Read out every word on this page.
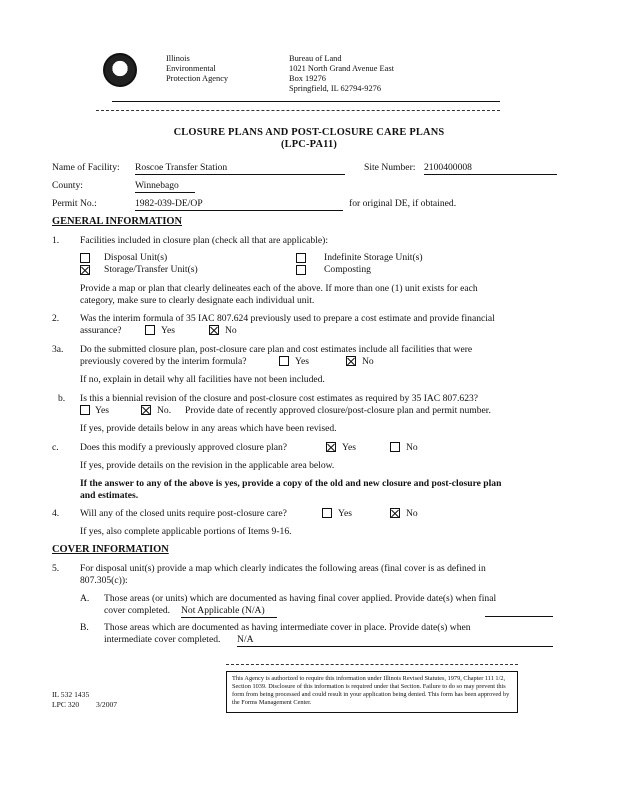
Illinois
Environmental
Protection Agency
Bureau of Land
1021 North Grand Avenue East
Box 19276
Springfield, IL 62794-9276
CLOSURE PLANS AND POST-CLOSURE CARE PLANS
(LPC-PA11)
Name of Facility: Roscoe Transfer Station	Site Number: 2100400008
County:	Winnebago
Permit No.:	1982-039-DE/OP	for original DE, if obtained.
GENERAL INFORMATION
1. Facilities included in closure plan (check all that are applicable):
Disposal Unit(s)	Indefinite Storage Unit(s)
Storage/Transfer Unit(s)	Composting
Provide a map or plan that clearly delineates each of the above. If more than one (1) unit exists for each
category, make sure to clearly designate each individual unit.
2. Was the interim formula of 35 IAC 807.624 previously used to prepare a cost estimate and provide financial
assurance?	Yes	No
3a. Do the submitted closure plan, post-closure care plan and cost estimates include all facilities that were
previously covered by the interim formula?	Yes	No
If no, explain in detail why all facilities have not been included.
b. Is this a biennial revision of the closure and post-closure cost estimates as required by 35 IAC 807.623?
Yes	No. Provide date of recently approved closure/post-closure plan and permit number.
If yes, provide details below in any areas which have been revised.
c. Does this modify a previously approved closure plan?	Yes	No
If yes, provide details on the revision in the applicable area below.
If the answer to any of the above is yes, provide a copy of the old and new closure and post-closure plan
and estimates.
4. Will any of the closed units require post-closure care?	Yes	No
If yes, also complete applicable portions of Items 9-16.
COVER INFORMATION
5. For disposal unit(s) provide a map which clearly indicates the following areas (final cover is as defined in
807.305(c)):
A. Those areas (or units) which are documented as having final cover applied. Provide date(s) when final
cover completed. Not Applicable (N/A)
B. Those areas which are documented as having intermediate cover in place. Provide date(s) when
intermediate cover completed. N/A
IL 532 1435
LPC 320 3/2007
This Agency is authorized to require this information under Illinois Revised Statutes, 1979, Chapter 111 1/2, Section 1039. Disclosure of this information is required under that Section. Failure to do so may prevent this form from being processed and could result in your application being denied. This form has been approved by the Forms Management Center.
